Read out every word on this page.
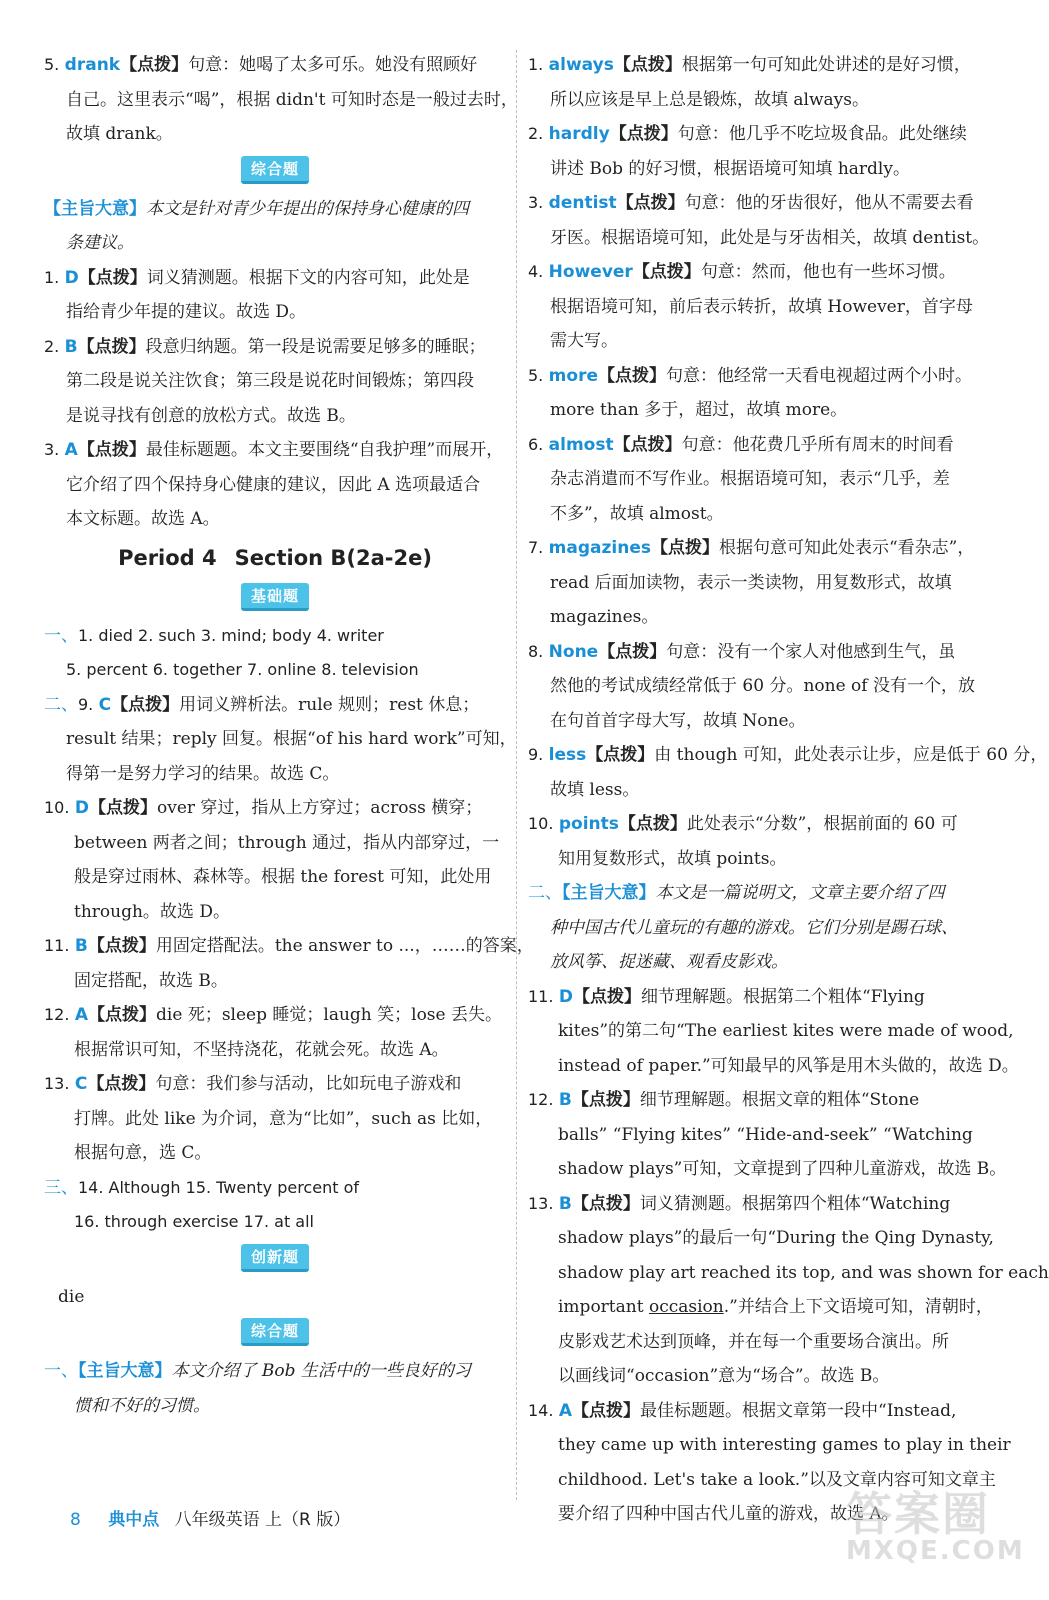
5. drank【点拨】句意：她喝了太多可乐。她没有照顾好
自己。这里表示“喝”，根据 didn't 可知时态是一般过去时，
故填 drank。
综合题
【主旨大意】本文是针对青少年提出的保持身心健康的四
条建议。
1. D【点拨】词义猜测题。根据下文的内容可知，此处是
指给青少年提的建议。故选 D。
2. B【点拨】段意归纳题。第一段是说需要足够多的睡眠；
第二段是说关注饮食；第三段是说花时间锻炼；第四段
是说寻找有创意的放松方式。故选 B。
3. A【点拨】最佳标题题。本文主要围绕“自我护理”而展开，
它介绍了四个保持身心健康的建议，因此 A 选项最适合
本文标题。故选 A。
Period 4 Section B(2a-2e)
基础题
一、1. died 2. such 3. mind; body 4. writer
5. percent 6. together 7. online 8. television
二、9. C【点拨】用词义辨析法。rule 规则；rest 休息；
result 结果；reply 回复。根据“of his hard work”可知，
得第一是努力学习的结果。故选 C。
10. D【点拨】over 穿过，指从上方穿过；across 横穿；
between 两者之间；through 通过，指从内部穿过，一
般是穿过雨林、森林等。根据 the forest 可知，此处用
through。故选 D。
11. B【点拨】用固定搭配法。the answer to ...，……的答案，
固定搭配，故选 B。
12. A【点拨】die 死；sleep 睡觉；laugh 笑；lose 丢失。
根据常识可知，不坚持浇花，花就会死。故选 A。
13. C【点拨】句意：我们参与活动，比如玩电子游戏和
打牌。此处 like 为介词，意为“比如”，such as 比如，
根据句意，选 C。
三、14. Although 15. Twenty percent of
16. through exercise 17. at all
创新题
die
综合题
一、【主旨大意】本文介绍了 Bob 生活中的一些良好的习
惯和不好的习惯。
1. always【点拨】根据第一句可知此处讲述的是好习惯，
所以应该是早上总是锻炼，故填 always。
2. hardly【点拨】句意：他几乎不吃垃圾食品。此处继续
讲述 Bob 的好习惯，根据语境可知填 hardly。
3. dentist【点拨】句意：他的牙齿很好，他从不需要去看
牙医。根据语境可知，此处是与牙齿相关，故填 dentist。
4. However【点拨】句意：然而，他也有一些坏习惯。
根据语境可知，前后表示转折，故填 However，首字母
需大写。
5. more【点拨】句意：他经常一天看电视超过两个小时。
more than 多于，超过，故填 more。
6. almost【点拨】句意：他花费几乎所有周末的时间看
杂志消遣而不写作业。根据语境可知，表示“几乎，差
不多”，故填 almost。
7. magazines【点拨】根据句意可知此处表示“看杂志”，
read 后面加读物，表示一类读物，用复数形式，故填
magazines。
8. None【点拨】句意：没有一个家人对他感到生气，虽
然他的考试成绩经常低于 60 分。none of 没有一个，放
在句首首字母大写，故填 None。
9. less【点拨】由 though 可知，此处表示让步，应是低于 60 分，
故填 less。
10. points【点拨】此处表示“分数”，根据前面的 60 可
知用复数形式，故填 points。
二、【主旨大意】本文是一篇说明文，文章主要介绍了四
种中国古代儿童玩的有趣的游戏。它们分别是踢石球、
放风筝、捉迷藏、观看皮影戏。
11. D【点拨】细节理解题。根据第二个粗体“Flying
kites”的第二句“The earliest kites were made of wood,
instead of paper.”可知最早的风筝是用木头做的，故选 D。
12. B【点拨】细节理解题。根据文章的粗体“Stone
balls” “Flying kites” “Hide-and-seek” “Watching
shadow plays”可知，文章提到了四种儿童游戏，故选 B。
13. B【点拨】词义猜测题。根据第四个粗体“Watching
shadow plays”的最后一句“During the Qing Dynasty,
shadow play art reached its top, and was shown for each
important occasion.”并结合上下文语境可知，清朝时，
皮影戏艺术达到顶峰，并在每一个重要场合演出。所
以画线词“occasion”意为“场合”。故选 B。
14. A【点拨】最佳标题题。根据文章第一段中“Instead,
they came up with interesting games to play in their
childhood. Let's take a look.”以及文章内容可知文章主
要介绍了四种中国古代儿童的游戏，故选 A。
8 典中点 八年级英语 上（R 版）	答案圈
MXQE.COM
